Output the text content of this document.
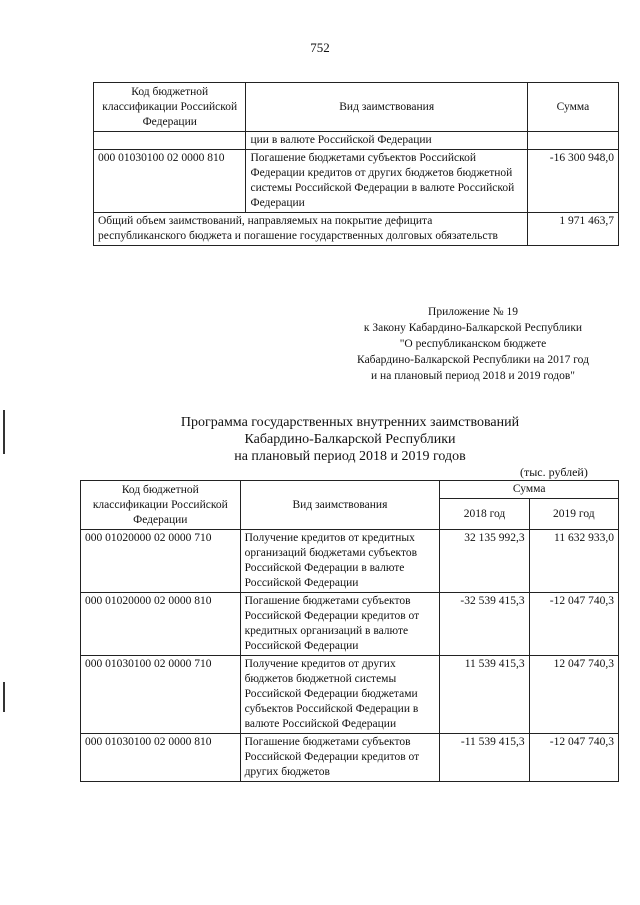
752
Код бюджетной классификации Российской Федерации	Вид заимствования	Сумма
	ции в валюте Российской Федерации	
000 01030100 02 0000 810	Погашение бюджетами субъектов Российской Федерации кредитов от других бюджетов бюджетной системы Российской Федерации в валюте Российской Федерации	-16 300 948,0
Общий объем заимствований, направляемых на покрытие дефицита республиканского бюджета и погашение государственных долговых обязательств		1 971 463,7
Приложение № 19
к Закону Кабардино-Балкарской Республики
"О республиканском бюджете
Кабардино-Балкарской Республики на 2017 год
и на плановый период 2018 и 2019 годов"
Программа государственных внутренних заимствований
Кабардино-Балкарской Республики
на плановый период 2018 и 2019 годов
(тыс. рублей)
Код бюджетной классификации Российской Федерации	Вид заимствования	Сумма	
		2018 год	2019 год
000 01020000 02 0000 710	Получение кредитов от кредитных организаций бюджетами субъектов Российской Федерации в валюте Российской Федерации	32 135 992,3	11 632 933,0
000 01020000 02 0000 810	Погашение бюджетами субъектов Российской Федерации кредитов от кредитных организаций в валюте Российской Федерации	-32 539 415,3	-12 047 740,3
000 01030100 02 0000 710	Получение кредитов от других бюджетов бюджетной системы Российской Федерации бюджетами субъектов Российской Федерации в валюте Российской Федерации	11 539 415,3	12 047 740,3
000 01030100 02 0000 810	Погашение бюджетами субъектов Российской Федерации кредитов от других бюджетов	-11 539 415,3	-12 047 740,3
